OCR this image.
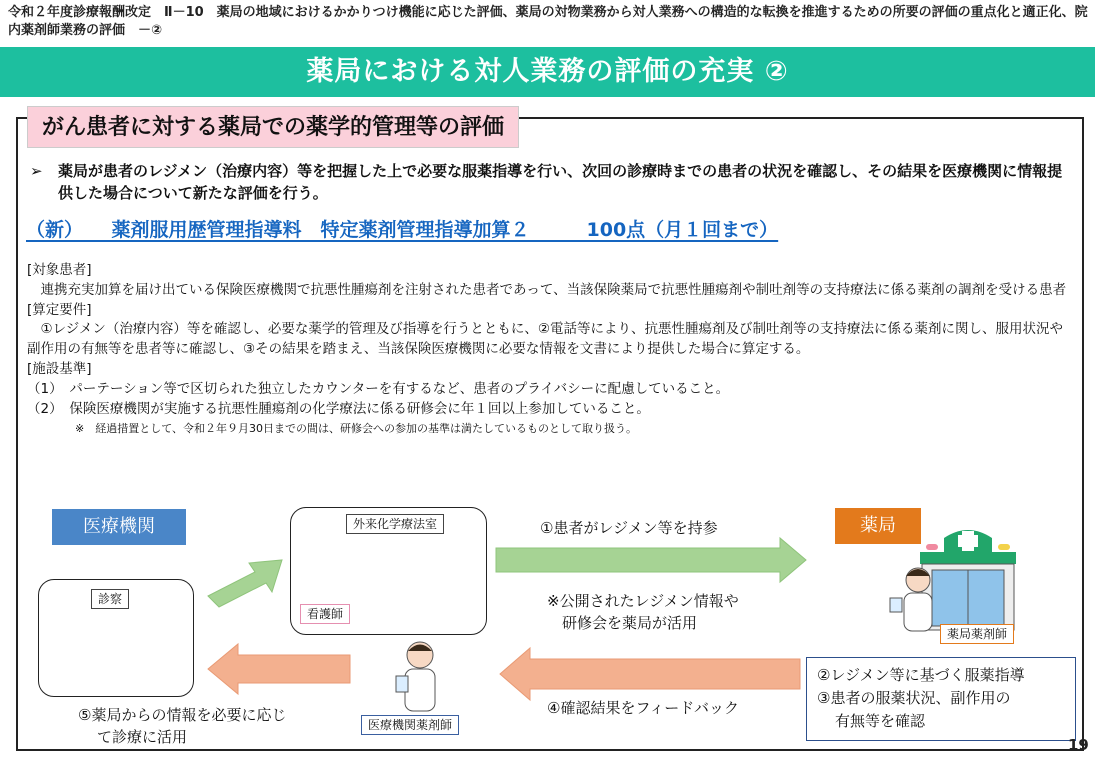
令和２年度診療報酬改定　Ⅱ－10　薬局の地域におけるかかりつけ機能に応じた評価、薬局の対物業務から対人業務への構造的な転換を推進するための所要の評価の重点化と適正化、院内薬剤師業務の評価　－②
薬局における対人業務の評価の充実 ②
がん患者に対する薬局での薬学的管理等の評価
➢	薬局が患者のレジメン（治療内容）等を把握した上で必要な服薬指導を行い、次回の診療時までの患者の状況を確認し、その結果を医療機関に情報提供した場合について新たな評価を行う。
（新）　　薬剤服用歴管理指導料　特定薬剤管理指導加算２　　　100点（月１回まで）

[対象患者]

　連携充実加算を届け出ている保険医療機関で抗悪性腫瘍剤を注射された患者であって、当該保険薬局で抗悪性腫瘍剤や制吐剤等の支持療法に係る薬剤の調剤を受ける患者

[算定要件]

　①レジメン（治療内容）等を確認し、必要な薬学的管理及び指導を行うとともに、②電話等により、抗悪性腫瘍剤及び制吐剤等の支持療法に係る薬剤に関し、服用状況や副作用の有無等を患者等に確認し、③その結果を踏まえ、当該保険医療機関に必要な情報を文書により提供した場合に算定する。

[施設基準]

（1）　パーテーション等で区切られた独立したカウンターを有するなど、患者のプライバシーに配慮していること。

（2）　保険医療機関が実施する抗悪性腫瘍剤の化学療法に係る研修会に年１回以上参加していること。

※　経過措置として、令和２年９月30日までの間は、研修会への参加の基準は満たしているものとして取り扱う。

医療機関	薬局
外来化学療法室
診察
看護師
医療機関薬剤師
薬局薬剤師
①患者がレジメン等を持参
※公開されたレジメン情報や
　研修会を薬局が活用
④確認結果をフィードバック
⑤薬局からの情報を必要に応じ
て診療に活用
②レジメン等に基づく服薬指導
③患者の服薬状況、副作用の
有無等を確認
19
